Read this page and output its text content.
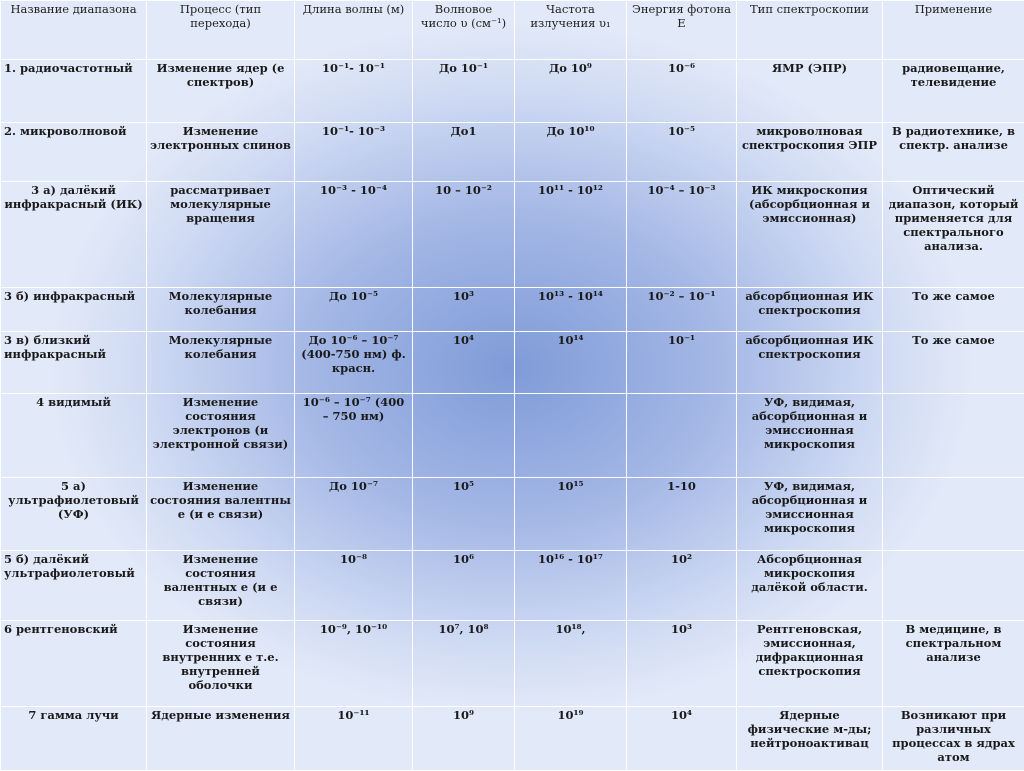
Название диапазона	Процесс (тип перехода)	Длина волны (м)	Волновое число υ (см⁻¹)	Частота излучения υ₁	Энергия фотона Е	Тип спектроскопии	Применение
1. радиочастотный	Изменение ядер (е спектров)	10⁻¹- 10⁻¹	До 10⁻¹	До 10⁹	10⁻⁶	ЯМР (ЭПР)	радиовещание, телевидение
2. микроволновой	Изменение электронных спинов	10⁻¹- 10⁻³	До1	До 10¹⁰	10⁻⁵	микроволновая спектроскопия ЭПР	В радиотехнике, в спектр. анализе
3 а) далёкий инфракрасный (ИК)	рассматривает молекулярные вращения	10⁻³ - 10⁻⁴	10 – 10⁻²	10¹¹ - 10¹²	10⁻⁴ – 10⁻³	ИК микроскопия (абсорбционная и эмиссионная)	Оптический диапазон, который применяется для спектрального анализа.
3 б) инфракрасный	Молекулярные колебания	До 10⁻⁵	10³	10¹³ - 10¹⁴	10⁻² – 10⁻¹	абсорбционная ИК спектроскопия	То же самое
3 в) близкий инфракрасный	Молекулярные колебания	До 10⁻⁶ – 10⁻⁷ (400-750 нм) ф. красн.	10⁴	10¹⁴	10⁻¹	абсорбционная ИК спектроскопия	То же самое
4 видимый	Изменение состояния электронов (и электронной связи)	10⁻⁶ – 10⁻⁷ (400 – 750 нм)				УФ, видимая, абсорбционная и эмиссионная микроскопия	
5 а) ультрафиолетовый (УФ)	Изменение состояния валентны е (и е связи)	До 10⁻⁷	10⁵	10¹⁵	1-10	УФ, видимая, абсорбционная и эмиссионная микроскопия	
5 б) далёкий ультрафиолетовый	Изменение состояния валентных е (и е связи)	10⁻⁸	10⁶	10¹⁶ - 10¹⁷	10²	Абсорбционная микроскопия далёкой области.	
6 рентгеновский	Изменение состояния внутренних е т.е. внутренней оболочки	10⁻⁹, 10⁻¹⁰	10⁷, 10⁸	10¹⁸,	10³	Рентгеновская, эмиссионная, дифракционная спектроскопия	В медицине, в спектральном анализе
7 гамма лучи	Ядерные изменения	10⁻¹¹	10⁹	10¹⁹	10⁴	Ядерные физические м-ды; нейтроноактивац	Возникают при различных процессах в ядрах атом
